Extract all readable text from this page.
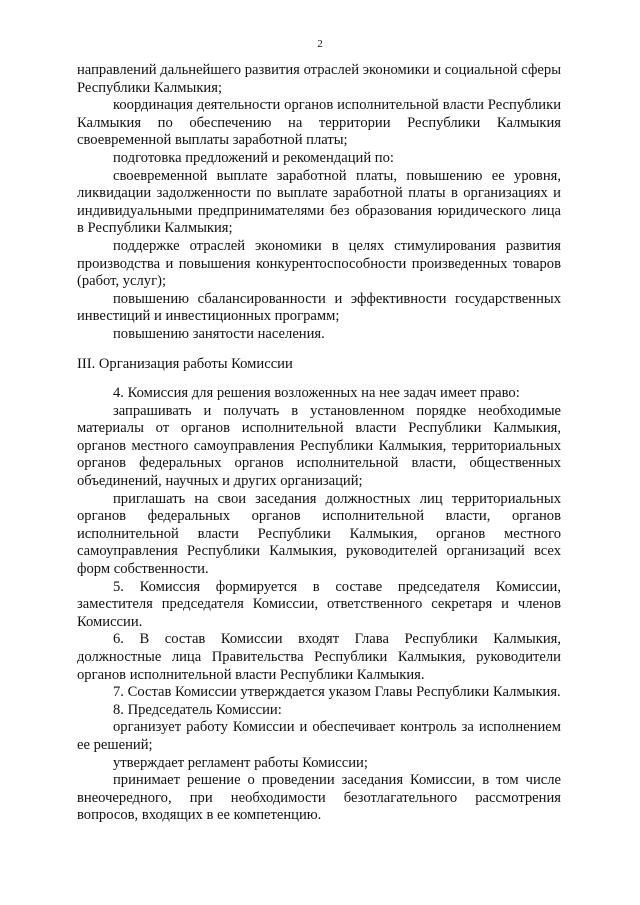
2

направлений дальнейшего развития отраслей экономики и социальной сферы Республики Калмыкия;

координация деятельности органов исполнительной власти Республики Калмыкия по обеспечению на территории Республики Калмыкия своевременной выплаты заработной платы;

подготовка предложений и рекомендаций по:

своевременной выплате заработной платы, повышению ее уровня, ликвидации задолженности по выплате заработной платы в организациях и индивидуальными предпринимателями без образования юридического лица в Республики Калмыкия;

поддержке отраслей экономики в целях стимулирования развития производства и повышения конкурентоспособности произведенных товаров (работ, услуг);

повышению сбалансированности и эффективности государственных инвестиций и инвестиционных программ;

повышению занятости населения.

III. Организация работы Комиссии

4. Комиссия для решения возложенных на нее задач имеет право:

запрашивать и получать в установленном порядке необходимые материалы от органов исполнительной власти Республики Калмыкия, органов местного самоуправления Республики Калмыкия, территориальных органов федеральных органов исполнительной власти, общественных объединений, научных и других организаций;

приглашать на свои заседания должностных лиц территориальных органов федеральных органов исполнительной власти, органов исполнительной власти Республики Калмыкия, органов местного самоуправления Республики Калмыкия, руководителей организаций всех форм собственности.

5. Комиссия формируется в составе председателя Комиссии, заместителя председателя Комиссии, ответственного секретаря и членов Комиссии.

6. В состав Комиссии входят Глава Республики Калмыкия, должностные лица Правительства Республики Калмыкия, руководители органов исполнительной власти Республики Калмыкия.

7. Состав Комиссии утверждается указом Главы Республики Калмыкия.

8. Председатель Комиссии:

организует работу Комиссии и обеспечивает контроль за исполнением ее решений;

утверждает регламент работы Комиссии;

принимает решение о проведении заседания Комиссии, в том числе внеочередного, при необходимости безотлагательного рассмотрения вопросов, входящих в ее компетенцию.
